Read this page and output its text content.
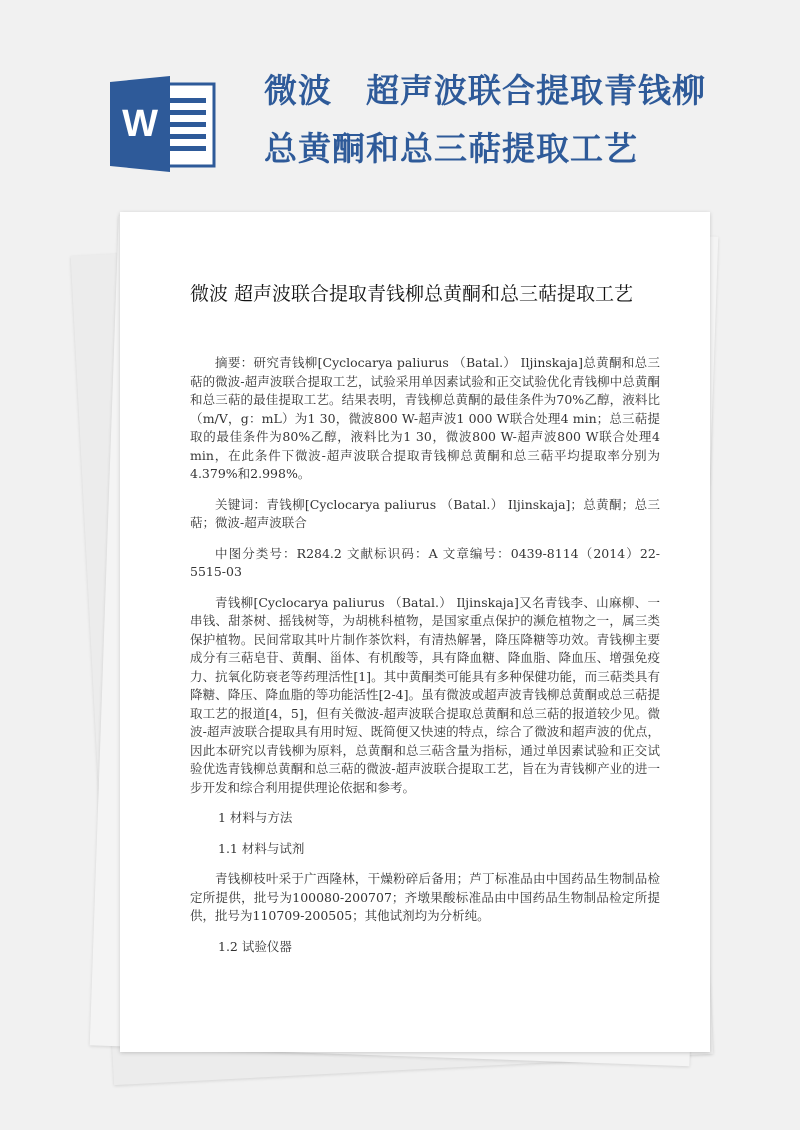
W
微波　超声波联合提取青钱柳
总黄酮和总三萜提取工艺
微波 超声波联合提取青钱柳总黄酮和总三萜提取工艺

摘要：研究青钱柳[Cyclocarya paliurus （Batal.） Iljinskaja]总黄酮和总三萜的微波-超声波联合提取工艺，试验采用单因素试验和正交试验优化青钱柳中总黄酮和总三萜的最佳提取工艺。结果表明，青钱柳总黄酮的最佳条件为70%乙醇，液料比（m/V，g：mL）为1 30，微波800 W-超声波1 000 W联合处理4 min；总三萜提取的最佳条件为80%乙醇，液料比为1 30，微波800 W-超声波800 W联合处理4 min，在此条件下微波-超声波联合提取青钱柳总黄酮和总三萜平均提取率分别为4.379%和2.998%。

关键词：青钱柳[Cyclocarya paliurus （Batal.） Iljinskaja]；总黄酮；总三萜；微波-超声波联合

中图分类号：R284.2 文献标识码：A 文章编号：0439-8114（2014）22-5515-03

青钱柳[Cyclocarya paliurus （Batal.） Iljinskaja]又名青钱李、山麻柳、一串钱、甜茶树、摇钱树等，为胡桃科植物，是国家重点保护的濒危植物之一，属三类保护植物。民间常取其叶片制作茶饮料，有清热解暑，降压降糖等功效。青钱柳主要成分有三萜皂苷、黄酮、甾体、有机酸等，具有降血糖、降血脂、降血压、增强免疫力、抗氧化防衰老等药理活性[1]。其中黄酮类可能具有多种保健功能，而三萜类具有降糖、降压、降血脂的等功能活性[2-4]。虽有微波或超声波青钱柳总黄酮或总三萜提取工艺的报道[4，5]，但有关微波-超声波联合提取总黄酮和总三萜的报道较少见。微波-超声波联合提取具有用时短、既简便又快速的特点，综合了微波和超声波的优点，因此本研究以青钱柳为原料，总黄酮和总三萜含量为指标，通过单因素试验和正交试验优选青钱柳总黄酮和总三萜的微波-超声波联合提取工艺，旨在为青钱柳产业的进一步开发和综合利用提供理论依据和参考。

1 材料与方法

1.1 材料与试剂

青钱柳枝叶采于广西隆林，干燥粉碎后备用；芦丁标准品由中国药品生物制品检定所提供，批号为100080-200707；齐墩果酸标准品由中国药品生物制品检定所提供，批号为110709-200505；其他试剂均为分析纯。

1.2 试验仪器
